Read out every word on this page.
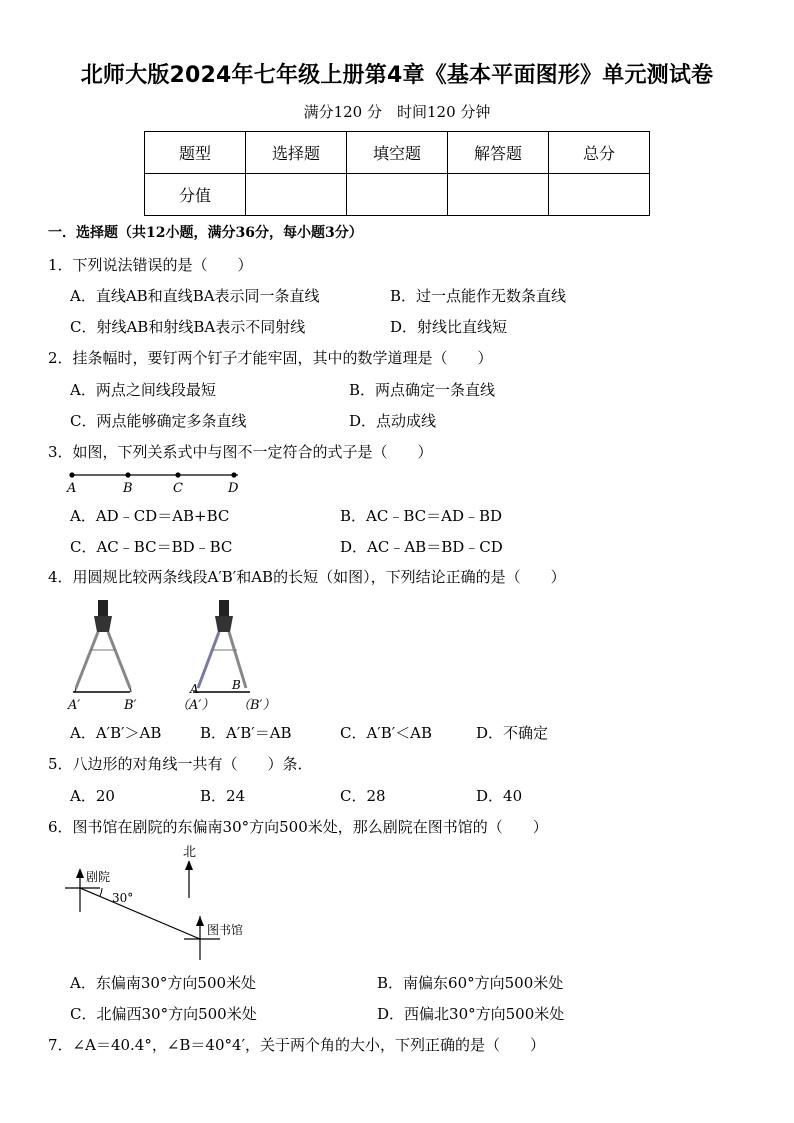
北师大版2024年七年级上册第4章《基本平面图形》单元测试卷
满分120 分　时间120 分钟
题型	选择题	填空题	解答题	总分
分值				
一．选择题（共12小题，满分36分，每小题3分）
1．下列说法错误的是（　　）
A．直线AB和直线BA表示同一条直线	B．过一点能作无数条直线
C．射线AB和射线BA表示不同射线	D．射线比直线短
2．挂条幅时，要钉两个钉子才能牢固，其中的数学道理是（　　）
A．两点之间线段最短	B．两点确定一条直线
C．两点能够确定多条直线	D．点动成线
3．如图，下列关系式中与图不一定符合的式子是（　　）
A	B	C	D
A．AD﹣CD＝AB+BC	B．AC﹣BC＝AD﹣BD
C．AC﹣BC＝BD﹣BC	D．AC﹣AB＝BD﹣CD
4．用圆规比较两条线段A′B′和AB的长短（如图），下列结论正确的是（　　）
A′	B′
A	B
（A′） （B′）
A．A′B′＞AB	B．A′B′＝AB	C．A′B′＜AB	D．不确定
5．八边形的对角线一共有（　　）条．
A．20	B．24	C．28	D．40
6．图书馆在剧院的东偏南30°方向500米处，那么剧院在图书馆的（　　）
北
剧院
30°
图书馆
A．东偏南30°方向500米处	B．南偏东60°方向500米处
C．北偏西30°方向500米处	D．西偏北30°方向500米处
7．∠A＝40.4°，∠B＝40°4′，关于两个角的大小，下列正确的是（　　）
